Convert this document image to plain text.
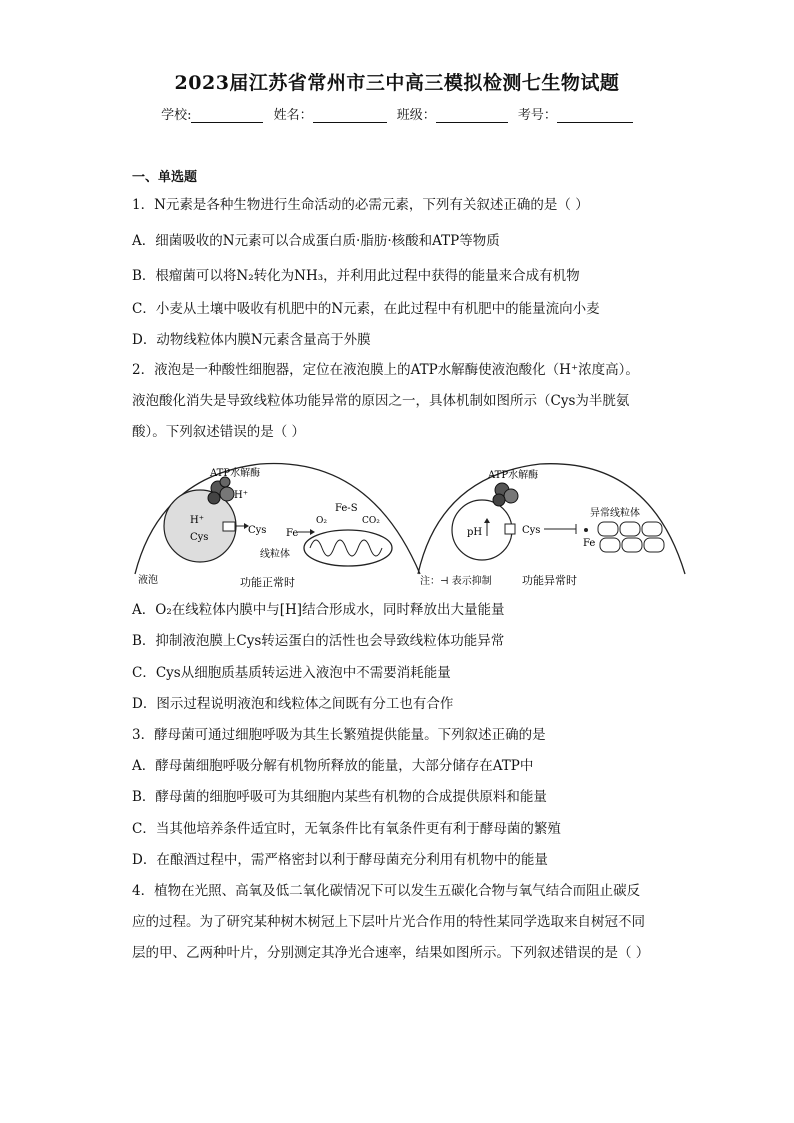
2023届江苏省常州市三中高三模拟检测七生物试题
学校:	姓名：	班级：	考号：
一、单选题
1．N元素是各种生物进行生命活动的必需元素，下列有关叙述正确的是（ ）
A．细菌吸收的N元素可以合成蛋白质·脂肪·核酸和ATP等物质
B．根瘤菌可以将N₂转化为NH₃，并利用此过程中获得的能量来合成有机物
C．小麦从土壤中吸收有机肥中的N元素，在此过程中有机肥中的能量流向小麦
D．动物线粒体内膜N元素含量高于外膜
2．液泡是一种酸性细胞器，定位在液泡膜上的ATP水解酶使液泡酸化（H⁺浓度高）。
液泡酸化消失是导致线粒体功能异常的原因之一，具体机制如图所示（Cys为半胱氨
酸）。下列叙述错误的是（ ）
ATP水解酶
H⁺
H⁺
Cys
Cys Fe
Fe-S
O₂	CO₂
液泡
线粒体
功能正常时
ATP水解酶
pH	Cys
Fe
异常线粒体
注：⊣ 表示抑制	功能异常时
A．O₂在线粒体内膜中与[H]结合形成水，同时释放出大量能量
B．抑制液泡膜上Cys转运蛋白的活性也会导致线粒体功能异常
C．Cys从细胞质基质转运进入液泡中不需要消耗能量
D．图示过程说明液泡和线粒体之间既有分工也有合作
3．酵母菌可通过细胞呼吸为其生长繁殖提供能量。下列叙述正确的是
A．酵母菌细胞呼吸分解有机物所释放的能量，大部分储存在ATP中
B．酵母菌的细胞呼吸可为其细胞内某些有机物的合成提供原料和能量
C．当其他培养条件适宜时，无氧条件比有氧条件更有利于酵母菌的繁殖
D．在酿酒过程中，需严格密封以利于酵母菌充分利用有机物中的能量
4．植物在光照、高氧及低二氧化碳情况下可以发生五碳化合物与氧气结合而阻止碳反
应的过程。为了研究某种树木树冠上下层叶片光合作用的特性某同学选取来自树冠不同
层的甲、乙两种叶片，分别测定其净光合速率，结果如图所示。下列叙述错误的是（ ）
